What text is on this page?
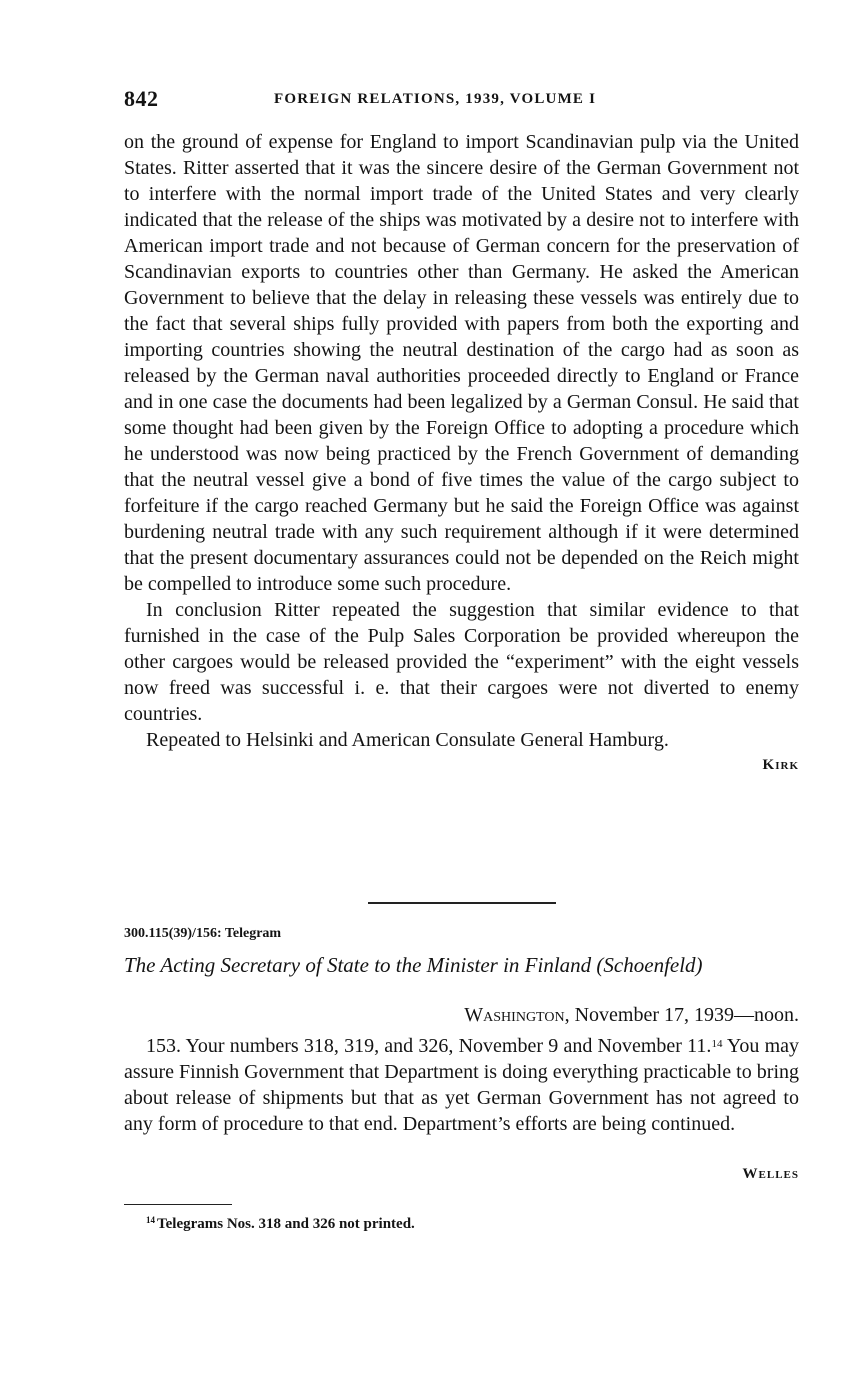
842	FOREIGN RELATIONS, 1939, VOLUME I

on the ground of expense for England to import Scandinavian pulp via the United States. Ritter asserted that it was the sincere desire of the German Government not to interfere with the normal import trade of the United States and very clearly indicated that the release of the ships was motivated by a desire not to interfere with American import trade and not because of German concern for the preservation of Scandinavian exports to countries other than Germany. He asked the American Government to believe that the delay in releasing these vessels was entirely due to the fact that several ships fully provided with papers from both the exporting and importing countries showing the neutral destination of the cargo had as soon as released by the German naval authorities proceeded directly to England or France and in one case the documents had been legalized by a German Consul. He said that some thought had been given by the Foreign Office to adopting a procedure which he understood was now being practiced by the French Government of demanding that the neutral vessel give a bond of five times the value of the cargo subject to forfeiture if the cargo reached Germany but he said the Foreign Office was against burdening neutral trade with any such requirement although if it were determined that the present documentary assurances could not be depended on the Reich might be compelled to introduce some such procedure.

In conclusion Ritter repeated the suggestion that similar evidence to that furnished in the case of the Pulp Sales Corporation be provided whereupon the other cargoes would be released provided the “experiment” with the eight vessels now freed was successful i. e. that their cargoes were not diverted to enemy countries.

Repeated to Helsinki and American Consulate General Hamburg.

Kirk

300.115(39)/156: Telegram
The Acting Secretary of State to the Minister in Finland (Schoenfeld)
Washington, November 17, 1939—noon.

153. Your numbers 318, 319, and 326, November 9 and November 11.14 You may assure Finnish Government that Department is doing everything practicable to bring about release of shipments but that as yet German Government has not agreed to any form of procedure to that end. Department’s efforts are being continued.

Welles
$^{14}$ Telegrams Nos. 318 and 326 not printed.
